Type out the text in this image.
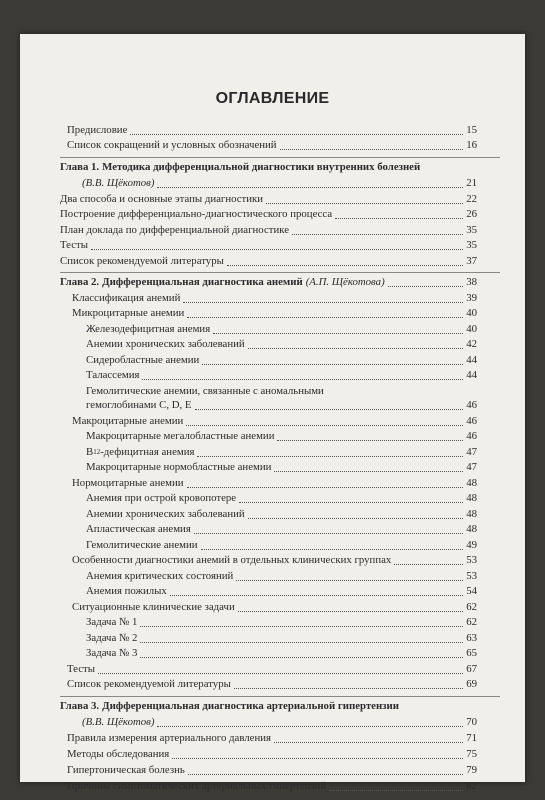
ОГЛАВЛЕНИЕ
Предисловие	15
Список сокращений и условных обозначений	16
Глава 1. Методика дифференциальной диагностики внутренних болезней
(В.В. Щёкотов)	21
Два способа и основные этапы диагностики	22
Построение дифференциально-диагностического процесса	26
План доклада по дифференциальной диагностике	35
Тесты	35
Список рекомендуемой литературы	37
Глава 2. Дифференциальная диагностика анемий (А.П. Щёкотова)	38
Классификация анемий	39
Микроцитарные анемии	40
Железодефицитная анемия	40
Анемии хронических заболеваний	42
Сидеробластные анемии	44
Талассемия	44
Гемолитические анемии, связанные с аномальными
гемоглобинами C, D, E	46
Макроцитарные анемии	46
Макроцитарные мегалобластные анемии	46
B 12 -дефицитная анемия	47
Макроцитарные нормобластные анемии	47
Нормоцитарные анемии	48
Анемия при острой кровопотере	48
Анемии хронических заболеваний	48
Апластическая анемия	48
Гемолитические анемии	49
Особенности диагностики анемий в отдельных клинических группах	53
Анемия критических состояний	53
Анемия пожилых	54
Ситуационные клинические задачи	62
Задача № 1	62
Задача № 2	63
Задача № 3	65
Тесты	67
Список рекомендуемой литературы	69
Глава 3. Дифференциальная диагностика артериальной гипертензии
(В.В. Щёкотов)	70
Правила измерения артериального давления	71
Методы обследования	75
Гипертоническая болезнь	79
Причины симптоматических артериальных гипертензий	82
